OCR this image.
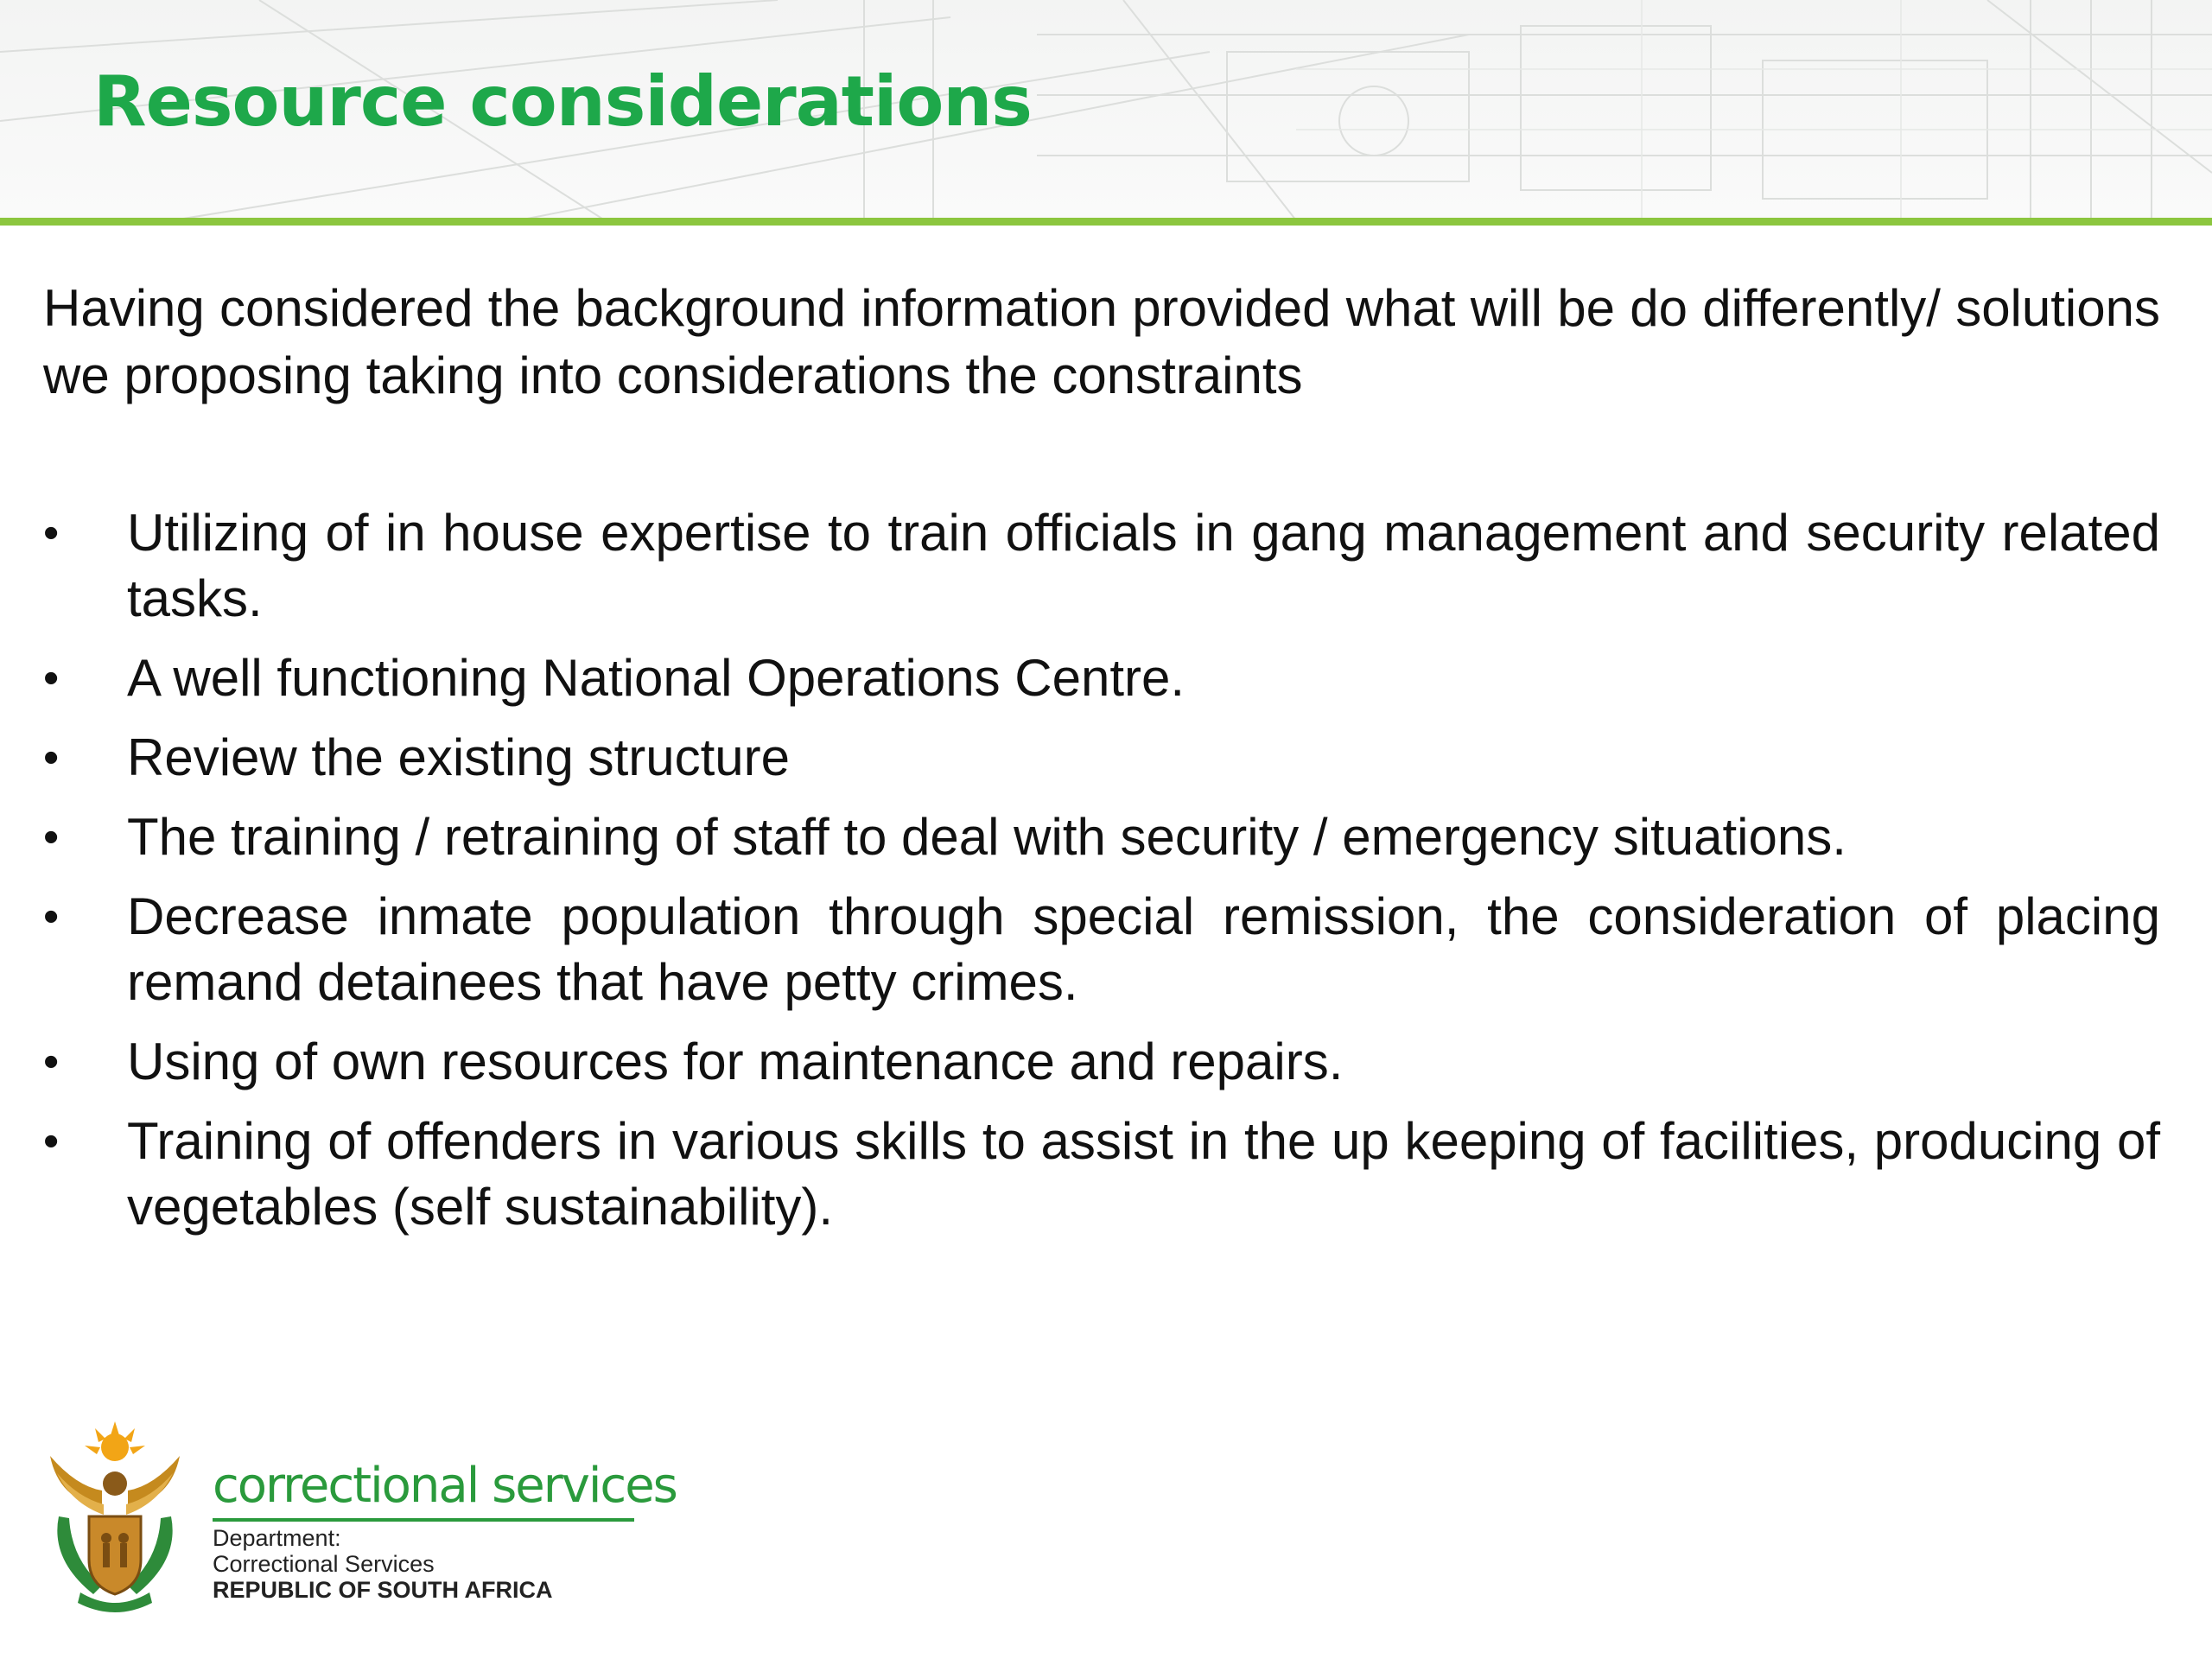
Resource considerations

Having considered the background information provided what will be do differently/ solutions we proposing taking into considerations the constraints

• Utilizing of in house expertise to train officials in gang management and security related tasks.
• A well functioning National Operations Centre.
• Review the existing structure
• The training / retraining of staff to deal with security / emergency situations.
• Decrease inmate population through special remission, the consideration of placing remand detainees that have petty crimes.
• Using of own resources for maintenance and repairs.
• Training of offenders in various skills to assist in the up keeping of facilities, producing of vegetables (self sustainability).
correctional services
Department:
Correctional Services
REPUBLIC OF SOUTH AFRICA
